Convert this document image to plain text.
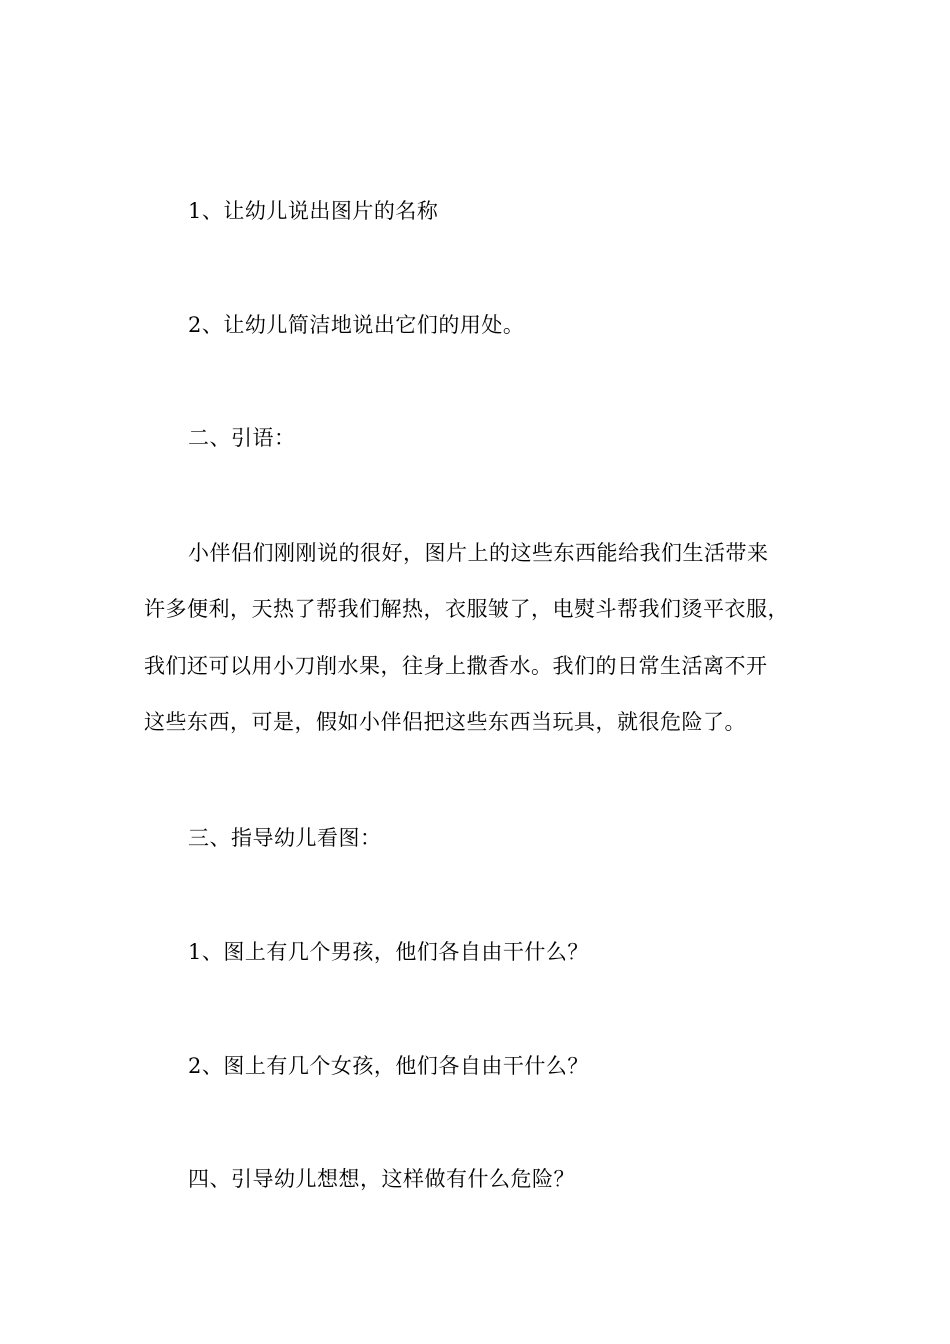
1、让幼儿说出图片的名称
2、让幼儿简洁地说出它们的用处。
二、引语：
小伴侣们刚刚说的很好，图片上的这些东西能给我们生活带来
许多便利，天热了帮我们解热，衣服皱了，电熨斗帮我们烫平衣服，
我们还可以用小刀削水果，往身上撒香水。我们的日常生活离不开
这些东西，可是，假如小伴侣把这些东西当玩具，就很危险了。
三、指导幼儿看图：
1、图上有几个男孩，他们各自由干什么？
2、图上有几个女孩，他们各自由干什么？
四、引导幼儿想想，这样做有什么危险？
